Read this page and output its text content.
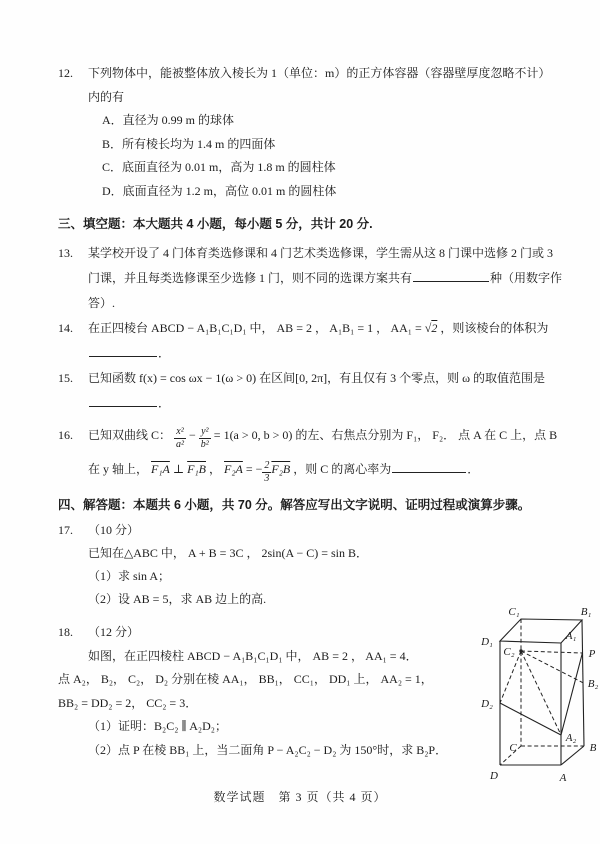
12. 下列物体中，能被整体放入棱长为 1（单位：m）的正方体容器（容器壁厚度忽略不计）
内的有
A．直径为 0.99 m 的球体
B．所有棱长均为 1.4 m 的四面体
C．底面直径为 0.01 m，高为 1.8 m 的圆柱体
D．底面直径为 1.2 m，高位 0.01 m 的圆柱体
三、填空题：本大题共 4 小题，每小题 5 分，共计 20 分.
13. 某学校开设了 4 门体育类选修课和 4 门艺术类选修课，学生需从这 8 门课中选修 2 门或 3
门课，并且每类选修课至少选修 1 门，则不同的选课方案共有	种（用数字作
答）.
14. 在正四棱台 ABCD − A₁B₁C₁D₁ 中， AB = 2 ， A₁B₁ = 1 ， AA₁ = √2 ，则该棱台的体积为
．
15. 已知函数 f(x) = cos ωx − 1(ω > 0) 在区间[0, 2π]，有且仅有 3 个零点，则 ω 的取值范围是
．
16. 已知双曲线 C： $\frac{\text{x²}}{\text{a²}} - \frac{\text{y²}}{\text{b²}} = 1(a > 0$, b > 0) 的左、右焦点分别为 F₁， F₂． 点 A 在 C 上，点 B
在 y 轴上， F₁A ⊥ F₁B ， F₂A = − $\frac{2}{3} F_2B$ ，则 C 的离心率为	．
四、解答题：本题共 6 小题，共 70 分。解答应写出文字说明、证明过程或演算步骤。
17. （10 分）
已知在△ABC 中， A + B = 3C ， 2sin(A − C) = sin B．
（1）求 sin A；
（2）设 AB = 5，求 AB 边上的高.
18. （12 分）
如图，在正四棱柱 ABCD − A₁B₁C₁D₁ 中， AB = 2 ， AA₁ = 4．
点 A₂， B₂， C₂， D₂ 分别在棱 AA₁， BB₁， CC₁， DD₁ 上， AA₂ = 1，
BB₂ = DD₂ = 2， CC₂ = 3．
（1）证明：B₂C₂ ∥ A₂D₂；
（2）点 P 在棱 BB₁ 上，当二面角 P − A₂C₂ − D₂ 为 150°时，求 B₂P．
C₁	B₁
D₁	A₁
C₂	P
B₂
D₂
A₂
C	B
D	A
数学试题　第 3 页（共 4 页）
